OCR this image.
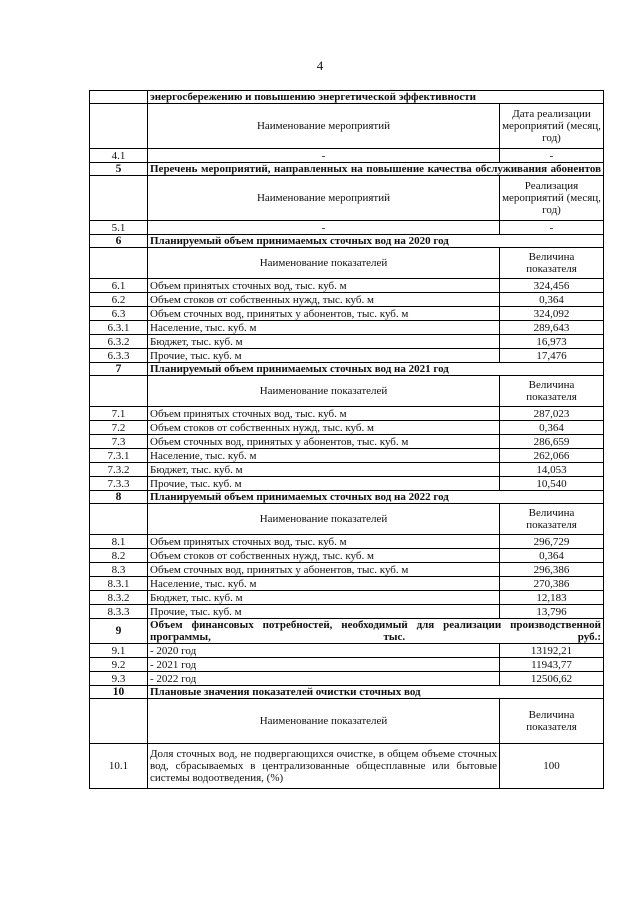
4
	энергосбережению и повышению энергетической эффективности	
	Наименование мероприятий	Дата реализации мероприятий (месяц, год)
4.1	-	-
5	Перечень мероприятий, направленных на повышение качества обслуживания абонентов	
	Наименование мероприятий	Реализация мероприятий (месяц, год)
5.1	-	-
6	Планируемый объем принимаемых сточных вод на 2020 год	
	Наименование показателей	Величина показателя
6.1	Объем принятых сточных вод, тыс. куб. м	324,456
6.2	Объем стоков от собственных нужд, тыс. куб. м	0,364
6.3	Объем сточных вод, принятых у абонентов, тыс. куб. м	324,092
6.3.1	Население, тыс. куб. м	289,643
6.3.2	Бюджет, тыс. куб. м	16,973
6.3.3	Прочие, тыс. куб. м	17,476
7	Планируемый объем принимаемых сточных вод на 2021 год	
	Наименование показателей	Величина показателя
7.1	Объем принятых сточных вод, тыс. куб. м	287,023
7.2	Объем стоков от собственных нужд, тыс. куб. м	0,364
7.3	Объем сточных вод, принятых у абонентов, тыс. куб. м	286,659
7.3.1	Население, тыс. куб. м	262,066
7.3.2	Бюджет, тыс. куб. м	14,053
7.3.3	Прочие, тыс. куб. м	10,540
8	Планируемый объем принимаемых сточных вод на 2022 год	
	Наименование показателей	Величина показателя
8.1	Объем принятых сточных вод, тыс. куб. м	296,729
8.2	Объем стоков от собственных нужд, тыс. куб. м	0,364
8.3	Объем сточных вод, принятых у абонентов, тыс. куб. м	296,386
8.3.1	Население, тыс. куб. м	270,386
8.3.2	Бюджет, тыс. куб. м	12,183
8.3.3	Прочие, тыс. куб. м	13,796
9	Объем финансовых потребностей, необходимый для реализации производственной программы, тыс. руб.:	
9.1	- 2020 год	13192,21
9.2	- 2021 год	11943,77
9.3	- 2022 год	12506,62
10	Плановые значения показателей очистки сточных вод	
	Наименование показателей	Величина показателя
10.1	Доля сточных вод, не подвергающихся очистке, в общем объеме сточных вод, сбрасываемых в централизованные общесплавные или бытовые системы водоотведения, (%)	100
